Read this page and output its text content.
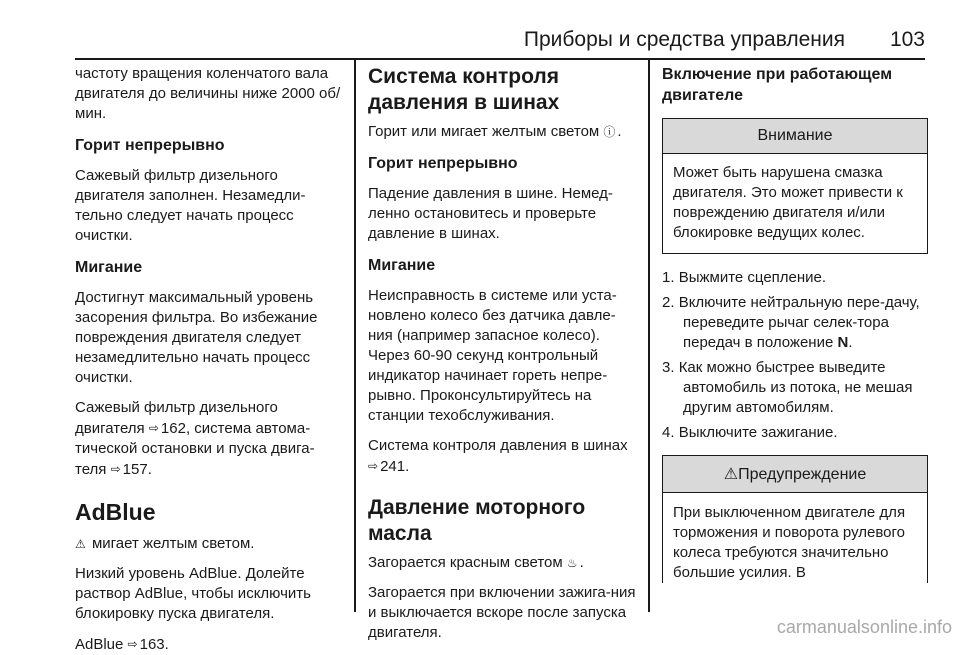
Приборы и средства управления 103

частоту вращения коленчатого вала двигателя до величины ниже 2000 об/мин.

Горит непрерывно

Сажевый фильтр дизельного двигателя заполнен. Незамедли-тельно следует начать процесс очистки.

Мигание

Достигнут максимальный уровень засорения фильтра. Во избежание повреждения двигателя следует незамедлительно начать процесс очистки.

Сажевый фильтр дизельного двигателя ⇨ 162, система автома-тической остановки и пуска двига-теля ⇨ 157.

AdBlue

⚠ мигает желтым светом.

Низкий уровень AdBlue. Долейте раствор AdBlue, чтобы исключить блокировку пуска двигателя.

AdBlue ⇨ 163.

Система контроля давления в шинах

Горит или мигает желтым светом ⓘ .

Горит непрерывно

Падение давления в шине. Немед-ленно остановитесь и проверьте давление в шинах.

Мигание

Неисправность в системе или уста-новлено колесо без датчика давле-ния (например запасное колесо). Через 60-90 секунд контрольный индикатор начинает гореть непре-рывно. Проконсультируйтесь на станции техобслуживания.

Система контроля давления в шинах ⇨ 241.

Давление моторного масла

Загорается красным светом ♨ .

Загорается при включении зажига-ния и выключается вскоре после запуска двигателя.

Включение при работающем двигателе
Внимание
Может быть нарушена смазка двигателя. Это может привести к повреждению двигателя и/или блокировке ведущих колес.
1. Выжмите сцепление.
2. Включите нейтральную пере-дачу, переведите рычаг селек-тора передач в положение N.
3. Как можно быстрее выведите автомобиль из потока, не мешая другим автомобилям.
4. Выключите зажигание.
⚠Предупреждение
При выключенном двигателе для торможения и поворота рулевого колеса требуются значительно большие усилия. В
carmanualsonline.info
